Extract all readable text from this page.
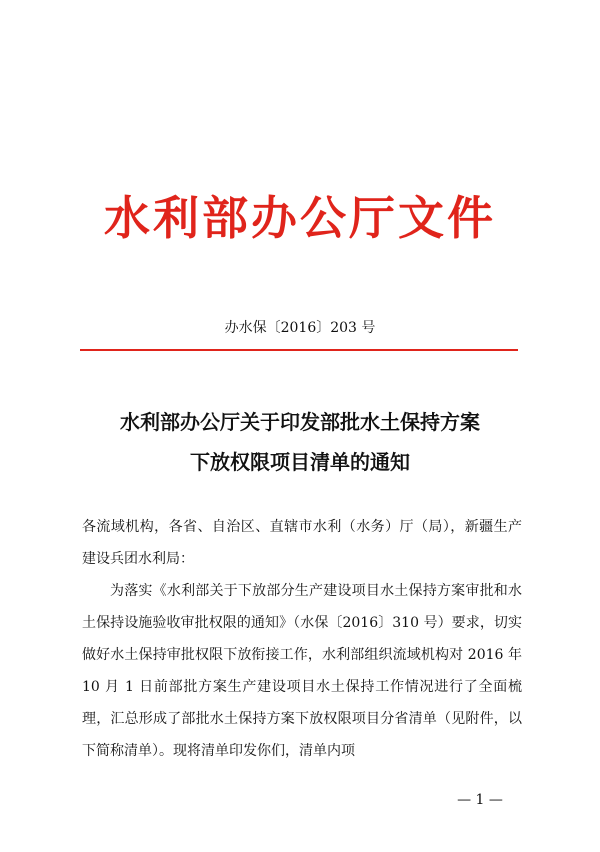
水利部办公厅文件
办水保〔2016〕203 号
水利部办公厅关于印发部批水土保持方案
下放权限项目清单的通知

各流域机构，各省、自治区、直辖市水利（水务）厅（局），新疆生产建设兵团水利局：

为落实《水利部关于下放部分生产建设项目水土保持方案审批和水土保持设施验收审批权限的通知》（水保〔2016〕310 号）要求，切实做好水土保持审批权限下放衔接工作，水利部组织流域机构对 2016 年 10 月 1 日前部批方案生产建设项目水土保持工作情况进行了全面梳理，汇总形成了部批水土保持方案下放权限项目分省清单（见附件，以下简称清单）。现将清单印发你们，清单内项

— 1 —
